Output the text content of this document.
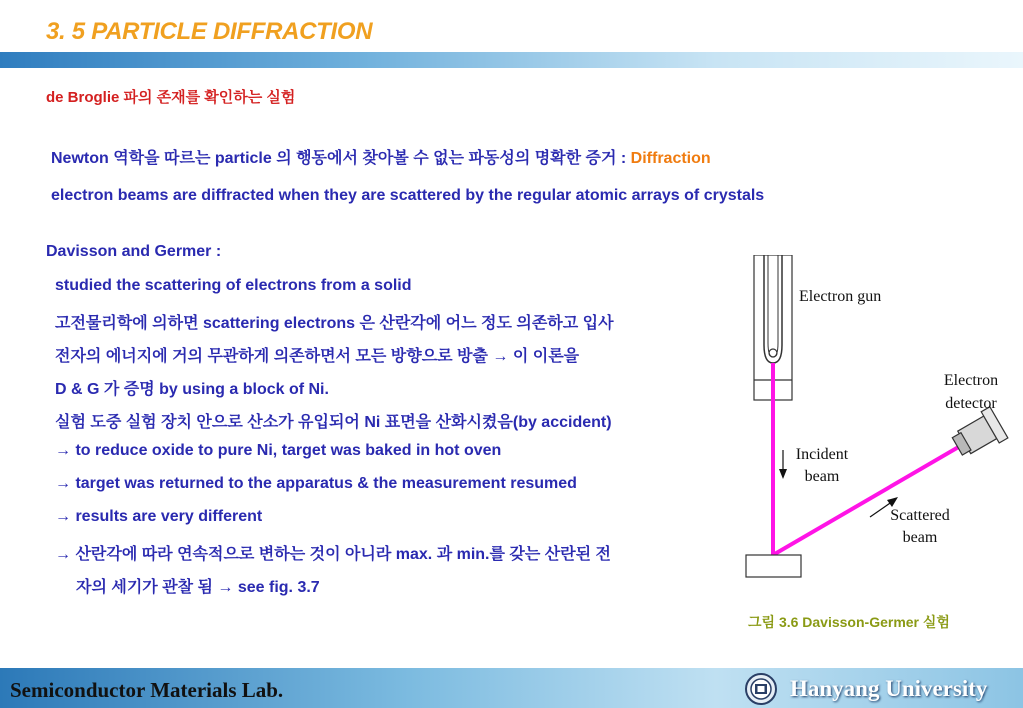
3. 5 PARTICLE DIFFRACTION
de Broglie 파의 존재를 확인하는 실험
Newton 역학을 따르는 particle 의 행동에서 찾아볼 수 없는 파동성의 명확한 증거 : Diffraction
electron beams are diffracted when they are scattered by the regular atomic arrays of crystals
Davisson and Germer :
studied the scattering of electrons from a solid
고전물리학에 의하면 scattering electrons 은 산란각에 어느 정도 의존하고 입사
전자의 에너지에 거의 무관하게 의존하면서 모든 방향으로 방출 → 이 이론을
D & G 가 증명 by using a block of Ni.
실험 도중 실험 장치 안으로 산소가 유입되어 Ni 표면을 산화시켰음(by accident)
→ to reduce oxide to pure Ni, target was baked in hot oven
→ target was returned to the apparatus & the measurement resumed
→ results are very different
→ 산란각에 따라 연속적으로 변하는 것이 아니라 max. 과 min.를 갖는 산란된 전
자의 세기가 관찰 됨 → see fig. 3.7
Electron gun
Electron
detector
Incident
beam
Scattered
beam
그림 3.6 Davisson-Germer 실험
Semiconductor Materials Lab.	Hanyang University
